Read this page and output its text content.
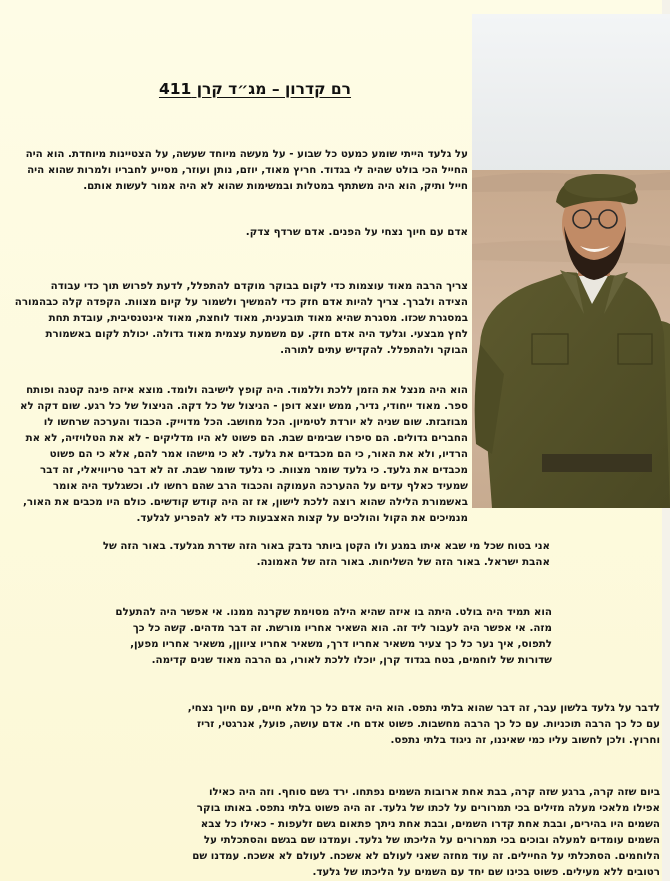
רם קדרון – מג״ד קרן 411

על גלעד הייתי שומע כמעט כל שבוע - על מעשה מיוחד שעשה, על הצטיינות מיוחדת. הוא היה

החייל הכי בולט שהיה לי בגדוד. חריץ מאוד, יוזם, נותן ועוזר, מסייע לחבריו ולמרות שהוא היה

חייל ותיק, הוא היה משתתף במטלות ובמשימות שהוא לא היה אמור לעשות אותם.

אדם עם חיוך נצחי על הפנים. אדם שרדף צדק.

צריך הרבה מאוד עוצמות כדי לקום בבוקר מוקדם להתפלל, לדעת לפרוש תוך כדי עבודה

הצידה ולברך. צריך להיות אדם חזק כדי להמשיך ולשמור על קיום מצוות. הקפדה קלה כבהמורה

במסגרת שכזו. מסגרת שהיא מאוד תובענית, מאוד לוחצת, מאוד אינטנסיבית, עובדת תחת

לחץ מבצעי. וגלעד היה אדם חזק. עם משמעת עצמית מאוד גדולה. יכולת לקום באשמורת

הבוקר ולהתפלל. להקדיש עתים לתורה.

הוא היה מנצל את הזמן ללכת וללמוד. היה קופץ לישיבה ולומד. מוצא איזה פינה קטנה ופותח

ספר. מאוד ייחודי, נדיר, ממש יוצא דופן - הניצול של כל דקה. הניצול של כל רגע. שום דקה לא

מבוזבזת. שום שניה לא יורדת לטימיון. הכל מחושב. הכל מדוייק. הכבוד והערכה שרחשו לו

החברים גדולים. הם סיפרו שבימים שבת. הם פשוט לא היו מדליקים - לא את הטלויזיה, לא את

הרדיו, ולא את האור, כי הם מכבדים את גלעד. לא כי מישהו אמר להם, אלא כי הם פשוט

מכבדים את גלעד. כי גלעד שומר מצוות. כי גלעד שומר שבת. זה לא דבר טריוויאלי, זה דבר

שמעיד כאלף עדים על ההערכה העמוקה והכבוד הרב שהם רחשו לו. וכשגלעד היה אומר

באשמורת הלילה שהוא רוצה ללכת לישון, אז זה היה קודש קודשים. כולם היו מכבים את האור,

מנמיכים את הקול והולכים על קצות האצבעות כדי לא להפריע לגלעד.

אני בטוח שכל מי שבא איתו במגע ולו הקטן ביותר נדבק באור הזה שדרת מגלעד. באור הזה של

אהבת ישראל. באור הזה של השליחות. באור הזה של האמונה.

הוא תמיד היה בולט. היתה בו איזה שהיא הילה מסוימת שקרנה ממנו. אי אפשר היה להתעלם

מזה. אי אפשר היה לעבור ליד זה. הוא השאיר אחריו מורשת. זה דבר מדהים. קשה כל כך

לתפוס, איך נער כל כך צעיר משאיר אחריו דרך, משאיר אחריו ציווןן, משאיר אחריו מפען,

שדורות של לוחמים, בטח בגדוד קרן, יוכלו ללכת לאורו, גם הרבה מאוד שנים קדימה.

לדבר על גלעד בלשון עבר, זה דבר שהוא בלתי נתפס. הוא היה אדם כל כך מלא חיים, עם חיוך נצחי,

עם כל כך הרבה תוכניות. עם כל כך הרבה מחשבות. פשוט אדם חי. אדם עושה, פועל, אנרגטי, זריז

וחרוץ. ולכן לחשוב עליו כמי שאיננו, זה ניגוד בלתי נתפס.

ביום שזה קרה, ברגע שזה קרה, בבת אחת ארובות השמים נפתחו. ירד גשם סוחף. וזה היה כאילו

אפילו מלאכי מעלה מזילים בכי תמרורים על לכתו של גלעד. זה היה פשוט בלתי נתפס. באותו בוקר

השמים היו בהירים, ובבת אחת קדרו השמים, ובבת אחת ניתך פתאום גשם זלעפות - כאילו כל צבא

השמים עומדים למעלה ובוכים בכי תמרורים על הליכתו של גלעד. ועמדנו שם בגשם והסתכלתי על

הלוחמים. הסתכלתי על החיילים. זה עוד מחזה שאני לעולם לא אשכח. לעולם לא אשכח. עמדנו שם

רטובים ללא מעילים. פשוט בכינו שם יחד עם השמים על הליכתו של גלעד.
